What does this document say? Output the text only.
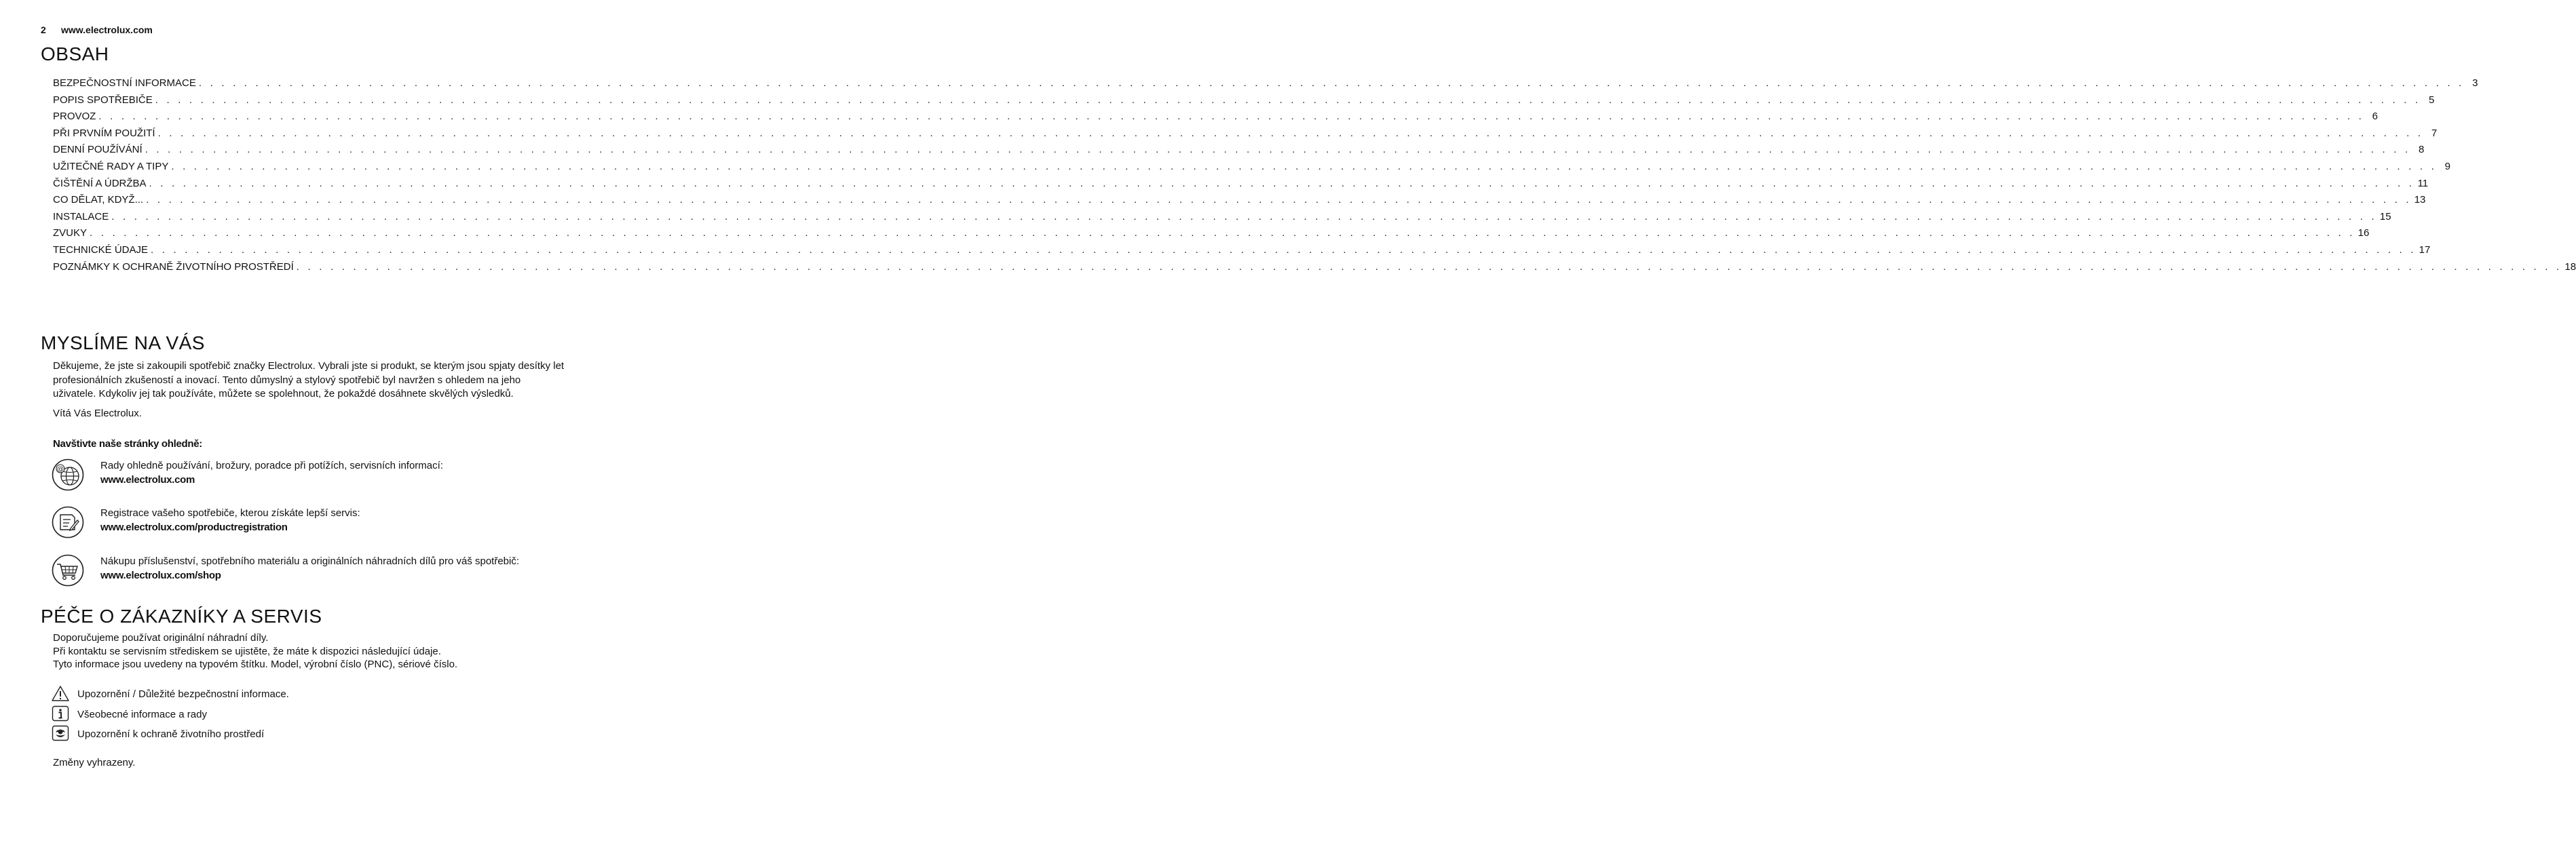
2 www.electrolux.com
OBSAH
BEZPEČNOSTNÍ INFORMACE . . . . . . . . . . . . . . . . . . . . . . . . . . . . . . . . . . . . . . . . . . . . . . . . . . . . . . . . . . . . . . . . . . . . . . . . . . . . . . . . . . . . . . . . . . . . . . . . . . . . . . . . . . . . . . . . . . . . . . . . . . . . . . . . . . . . . . . . . . . . . . . . . . . . . . . . . . . . . . . . . . . . . . . . . . . . . . . . . . . . . . . . . . . . . . . . . . . . . . . . 3
POPIS SPOTŘEBIČE . . . . . . . . . . . . . . . . . . . . . . . . . . . . . . . . . . . . . . . . . . . . . . . . . . . . . . . . . . . . . . . . . . . . . . . . . . . . . . . . . . . . . . . . . . . . . . . . . . . . . . . . . . . . . . . . . . . . . . . . . . . . . . . . . . . . . . . . . . . . . . . . . . . . . . . . . . . . . . . . . . . . . . . . . . . . . . . . . . . . . . . . . . . . . . . . . . . . . . . . 5
PROVOZ . . . . . . . . . . . . . . . . . . . . . . . . . . . . . . . . . . . . . . . . . . . . . . . . . . . . . . . . . . . . . . . . . . . . . . . . . . . . . . . . . . . . . . . . . . . . . . . . . . . . . . . . . . . . . . . . . . . . . . . . . . . . . . . . . . . . . . . . . . . . . . . . . . . . . . . . . . . . . . . . . . . . . . . . . . . . . . . . . . . . . . . . . . . . . . . . . . . . . . . . 6
PŘI PRVNÍM POUŽITÍ . . . . . . . . . . . . . . . . . . . . . . . . . . . . . . . . . . . . . . . . . . . . . . . . . . . . . . . . . . . . . . . . . . . . . . . . . . . . . . . . . . . . . . . . . . . . . . . . . . . . . . . . . . . . . . . . . . . . . . . . . . . . . . . . . . . . . . . . . . . . . . . . . . . . . . . . . . . . . . . . . . . . . . . . . . . . . . . . . . . . . . . . . . . . . . . . . . . . . . . . 7
DENNÍ POUŽÍVÁNÍ . . . . . . . . . . . . . . . . . . . . . . . . . . . . . . . . . . . . . . . . . . . . . . . . . . . . . . . . . . . . . . . . . . . . . . . . . . . . . . . . . . . . . . . . . . . . . . . . . . . . . . . . . . . . . . . . . . . . . . . . . . . . . . . . . . . . . . . . . . . . . . . . . . . . . . . . . . . . . . . . . . . . . . . . . . . . . . . . . . . . . . . . . . . . . . . . . . . . . . . . 8
UŽITEČNÉ RADY A TIPY . . . . . . . . . . . . . . . . . . . . . . . . . . . . . . . . . . . . . . . . . . . . . . . . . . . . . . . . . . . . . . . . . . . . . . . . . . . . . . . . . . . . . . . . . . . . . . . . . . . . . . . . . . . . . . . . . . . . . . . . . . . . . . . . . . . . . . . . . . . . . . . . . . . . . . . . . . . . . . . . . . . . . . . . . . . . . . . . . . . . . . . . . . . . . . . . . . . . . . . . 9
ČIŠTĚNÍ A ÚDRŽBA . . . . . . . . . . . . . . . . . . . . . . . . . . . . . . . . . . . . . . . . . . . . . . . . . . . . . . . . . . . . . . . . . . . . . . . . . . . . . . . . . . . . . . . . . . . . . . . . . . . . . . . . . . . . . . . . . . . . . . . . . . . . . . . . . . . . . . . . . . . . . . . . . . . . . . . . . . . . . . . . . . . . . . . . . . . . . . . . . . . . . . . . . . . . . . . . . . . . . . . . 11
CO DĚLAT, KDYŽ... . . . . . . . . . . . . . . . . . . . . . . . . . . . . . . . . . . . . . . . . . . . . . . . . . . . . . . . . . . . . . . . . . . . . . . . . . . . . . . . . . . . . . . . . . . . . . . . . . . . . . . . . . . . . . . . . . . . . . . . . . . . . . . . . . . . . . . . . . . . . . . . . . . . . . . . . . . . . . . . . . . . . . . . . . . . . . . . . . . . . . . . . . . . . . . . . . . . . . . . . 13
INSTALACE . . . . . . . . . . . . . . . . . . . . . . . . . . . . . . . . . . . . . . . . . . . . . . . . . . . . . . . . . . . . . . . . . . . . . . . . . . . . . . . . . . . . . . . . . . . . . . . . . . . . . . . . . . . . . . . . . . . . . . . . . . . . . . . . . . . . . . . . . . . . . . . . . . . . . . . . . . . . . . . . . . . . . . . . . . . . . . . . . . . . . . . . . . . . . . . . . . . . . . . . 15
ZVUKY . . . . . . . . . . . . . . . . . . . . . . . . . . . . . . . . . . . . . . . . . . . . . . . . . . . . . . . . . . . . . . . . . . . . . . . . . . . . . . . . . . . . . . . . . . . . . . . . . . . . . . . . . . . . . . . . . . . . . . . . . . . . . . . . . . . . . . . . . . . . . . . . . . . . . . . . . . . . . . . . . . . . . . . . . . . . . . . . . . . . . . . . . . . . . . . . . . . . . . . . 16
TECHNICKÉ ÚDAJE . . . . . . . . . . . . . . . . . . . . . . . . . . . . . . . . . . . . . . . . . . . . . . . . . . . . . . . . . . . . . . . . . . . . . . . . . . . . . . . . . . . . . . . . . . . . . . . . . . . . . . . . . . . . . . . . . . . . . . . . . . . . . . . . . . . . . . . . . . . . . . . . . . . . . . . . . . . . . . . . . . . . . . . . . . . . . . . . . . . . . . . . . . . . . . . . . . . . . . . . 17
POZNÁMKY K OCHRANĚ ŽIVOTNÍHO PROSTŘEDÍ . . . . . . . . . . . . . . . . . . . . . . . . . . . . . . . . . . . . . . . . . . . . . . . . . . . . . . . . . . . . . . . . . . . . . . . . . . . . . . . . . . . . . . . . . . . . . . . . . . . . . . . . . . . . . . . . . . . . . . . . . . . . . . . . . . . . . . . . . . . . . . . . . . . . . . . . . . . . . . . . . . . . . . . . . . . . . . . . . . . . . . . . . . . . . . . . . . . . . . . . 18
MYSLÍME NA VÁS
Děkujeme, že jste si zakoupili spotřebič značky Electrolux. Vybrali jste si produkt, se kterým jsou spjaty desítky let
profesionálních zkušeností a inovací. Tento důmyslný a stylový spotřebič byl navržen s ohledem na jeho
uživatele. Kdykoliv jej tak používáte, můžete se spolehnout, že pokaždé dosáhnete skvělých výsledků.
Vítá Vás Electrolux.
Navštivte naše stránky ohledně:
@	Rady ohledně používání, brožury, poradce při potížích, servisních informací:
www.electrolux.com
Registrace vašeho spotřebiče, kterou získáte lepší servis:
www.electrolux.com/productregistration
Nákupu příslušenství, spotřebního materiálu a originálních náhradních dílů pro váš spotřebič:
www.electrolux.com/shop
PÉČE O ZÁKAZNÍKY A SERVIS
Doporučujeme používat originální náhradní díly.
Při kontaktu se servisním střediskem se ujistěte, že máte k dispozici následující údaje.
Tyto informace jsou uvedeny na typovém štítku. Model, výrobní číslo (PNC), sériové číslo.
Upozornění / Důležité bezpečnostní informace.
Všeobecné informace a rady
Upozornění k ochraně životního prostředí
Změny vyhrazeny.
